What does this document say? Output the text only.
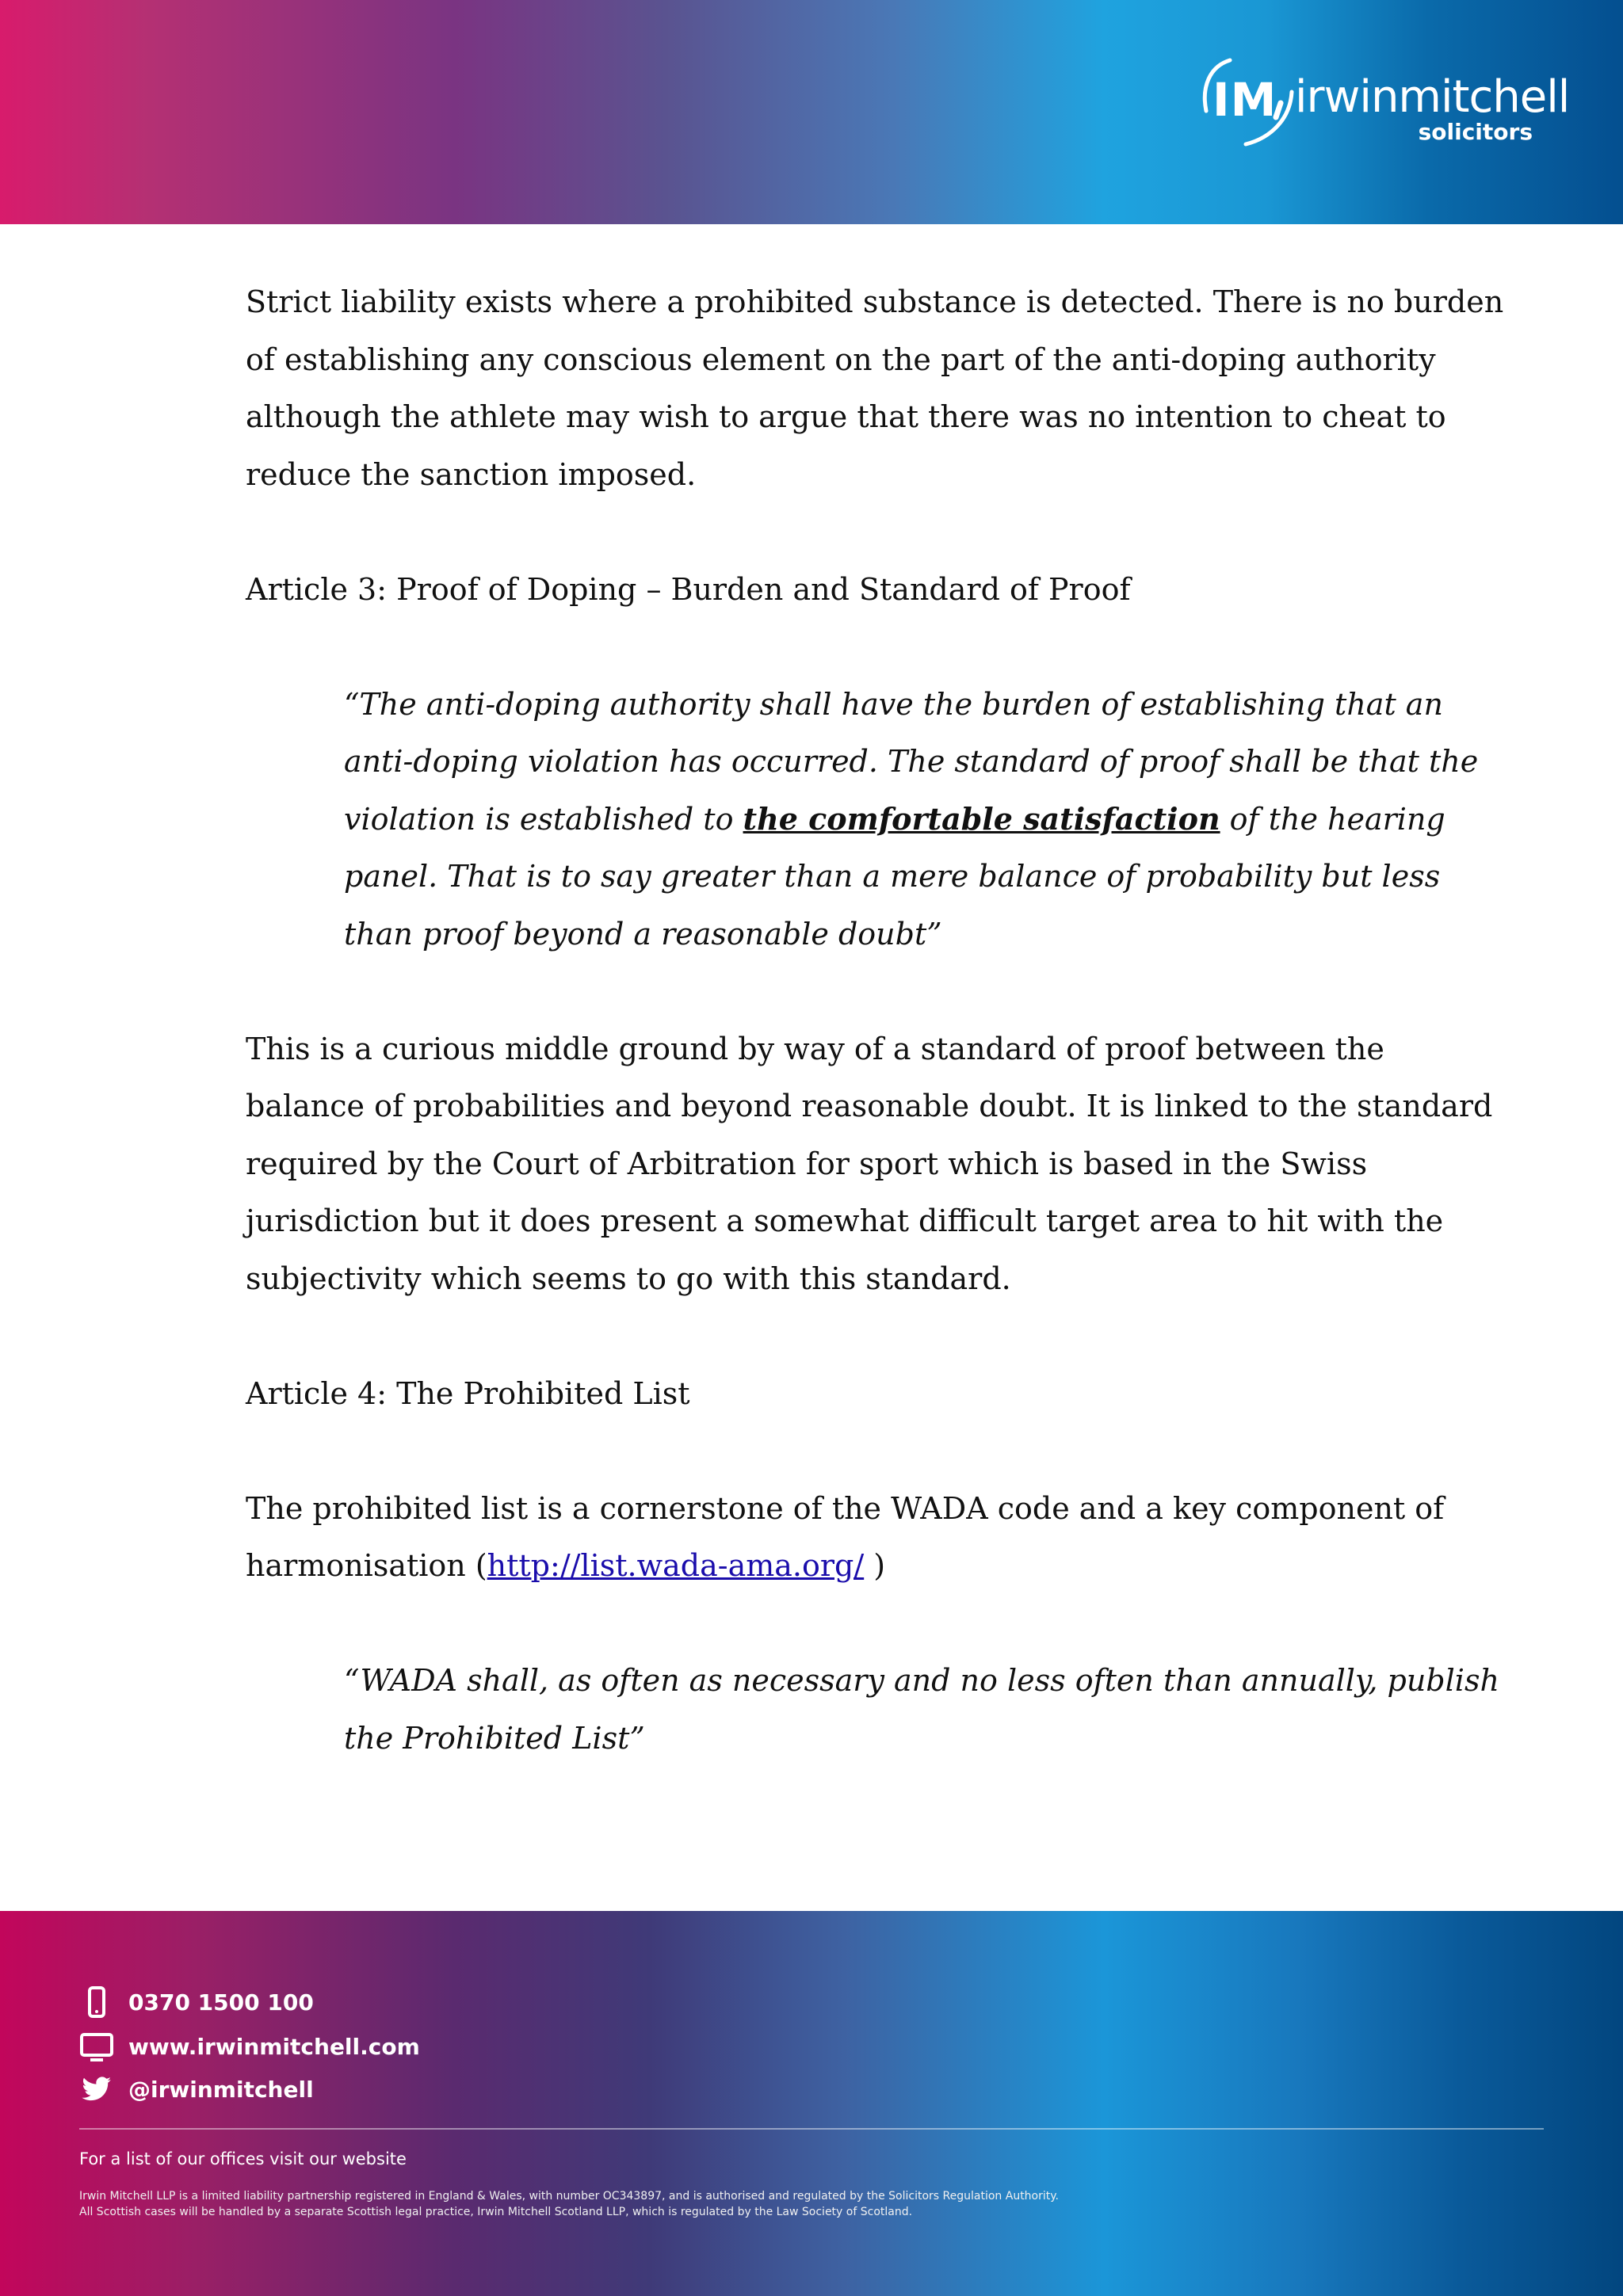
IM irwinmitchell
solicitors

Strict liability exists where a prohibited substance is detected. There is no burden of establishing any conscious element on the part of the anti-doping authority although the athlete may wish to argue that there was no intention to cheat to reduce the sanction imposed.

Article 3: Proof of Doping – Burden and Standard of Proof

“The anti-doping authority shall have the burden of establishing that an anti-doping violation has occurred. The standard of proof shall be that the violation is established to the comfortable satisfaction of the hearing panel. That is to say greater than a mere balance of probability but less than proof beyond a reasonable doubt”

This is a curious middle ground by way of a standard of proof between the balance of probabilities and beyond reasonable doubt. It is linked to the standard required by the Court of Arbitration for sport which is based in the Swiss jurisdiction but it does present a somewhat difficult target area to hit with the subjectivity which seems to go with this standard.

Article 4: The Prohibited List

The prohibited list is a cornerstone of the WADA code and a key component of harmonisation (http://list.wada-ama.org/ )

“WADA shall, as often as necessary and no less often than annually, publish the Prohibited List”

0370 1500 100
www.irwinmitchell.com
@irwinmitchell
For a list of our offices visit our website
Irwin Mitchell LLP is a limited liability partnership registered in England & Wales, with number OC343897, and is authorised and regulated by the Solicitors Regulation Authority.
All Scottish cases will be handled by a separate Scottish legal practice, Irwin Mitchell Scotland LLP, which is regulated by the Law Society of Scotland.
